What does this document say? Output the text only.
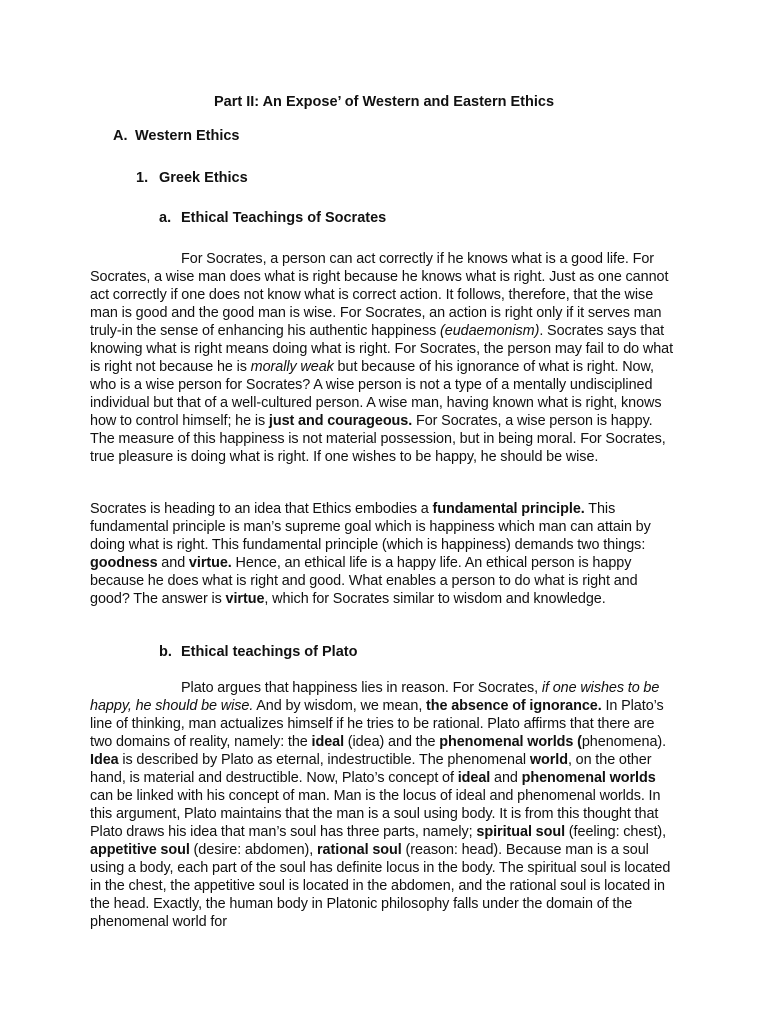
Part II: An Expose’ of Western and Eastern Ethics
A. Western Ethics
1. Greek Ethics
a. Ethical Teachings of Socrates

For Socrates, a person can act correctly if he knows what is a good life. For Socrates, a wise man does what is right because he knows what is right. Just as one cannot act correctly if one does not know what is correct action. It follows, therefore, that the wise man is good and the good man is wise. For Socrates, an action is right only if it serves man truly-in the sense of enhancing his authentic happiness (eudaemonism). Socrates says that knowing what is right means doing what is right. For Socrates, the person may fail to do what is right not because he is morally weak but because of his ignorance of what is right. Now, who is a wise person for Socrates? A wise person is not a type of a mentally undisciplined individual but that of a well-cultured person. A wise man, having known what is right, knows how to control himself; he is just and courageous. For Socrates, a wise person is happy. The measure of this happiness is not material possession, but in being moral. For Socrates, true pleasure is doing what is right. If one wishes to be happy, he should be wise.

Socrates is heading to an idea that Ethics embodies a fundamental principle. This fundamental principle is man’s supreme goal which is happiness which man can attain by doing what is right. This fundamental principle (which is happiness) demands two things: goodness and virtue. Hence, an ethical life is a happy life. An ethical person is happy because he does what is right and good. What enables a person to do what is right and good? The answer is virtue, which for Socrates similar to wisdom and knowledge.

b. Ethical teachings of Plato

Plato argues that happiness lies in reason. For Socrates, if one wishes to be happy, he should be wise. And by wisdom, we mean, the absence of ignorance. In Plato’s line of thinking, man actualizes himself if he tries to be rational. Plato affirms that there are two domains of reality, namely: the ideal (idea) and the phenomenal worlds (phenomena). Idea is described by Plato as eternal, indestructible. The phenomenal world, on the other hand, is material and destructible. Now, Plato’s concept of ideal and phenomenal worlds can be linked with his concept of man. Man is the locus of ideal and phenomenal worlds. In this argument, Plato maintains that the man is a soul using body. It is from this thought that Plato draws his idea that man’s soul has three parts, namely; spiritual soul (feeling: chest), appetitive soul (desire: abdomen), rational soul (reason: head). Because man is a soul using a body, each part of the soul has definite locus in the body. The spiritual soul is located in the chest, the appetitive soul is located in the abdomen, and the rational soul is located in the head. Exactly, the human body in Platonic philosophy falls under the domain of the phenomenal world for
